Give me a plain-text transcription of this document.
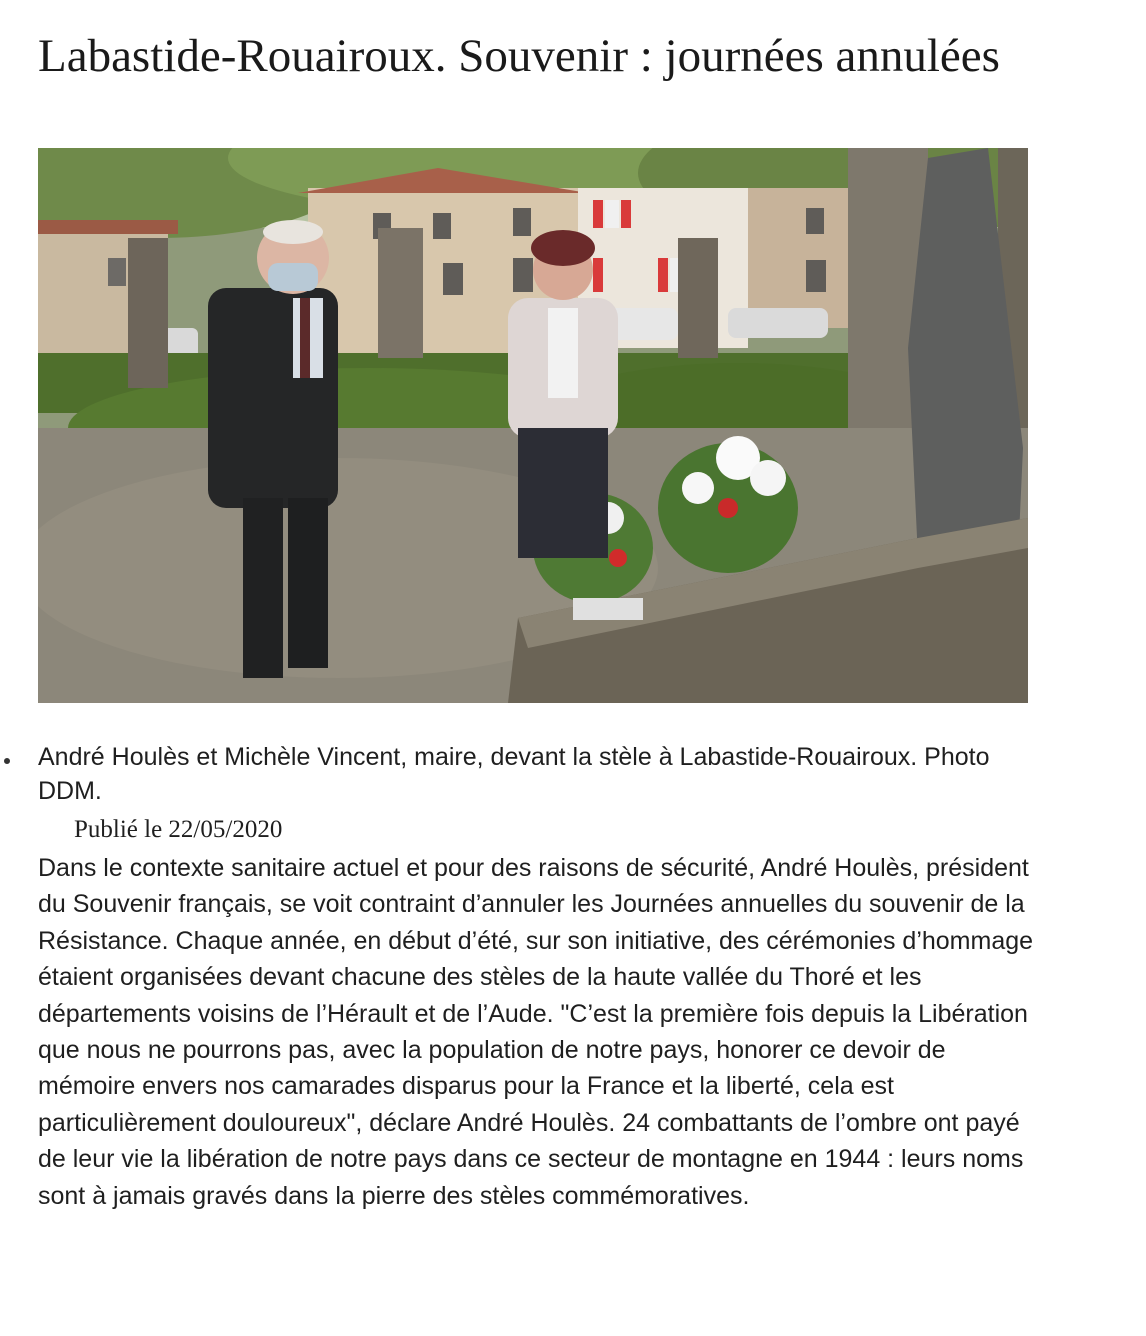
Labastide-Rouairoux. Souvenir : journées annulées

André Houlès et Michèle Vincent, maire, devant la stèle à Labastide-Rouairoux. Photo DDM.

Publié le 22/05/2020

Dans le contexte sanitaire actuel et pour des raisons de sécurité, André Houlès, président du Souvenir français, se voit contraint d’annuler les Journées annuelles du souvenir de la Résistance. Chaque année, en début d’été, sur son initiative, des cérémonies d’hommage étaient organisées devant chacune des stèles de la haute vallée du Thoré et les départements voisins de l’Hérault et de l’Aude. "C’est la première fois depuis la Libération que nous ne pourrons pas, avec la population de notre pays, honorer ce devoir de mémoire envers nos camarades disparus pour la France et la liberté, cela est particulièrement douloureux", déclare André Houlès. 24 combattants de l’ombre ont payé de leur vie la libération de notre pays dans ce secteur de montagne en 1944 : leurs noms sont à jamais gravés dans la pierre des stèles commémoratives.
